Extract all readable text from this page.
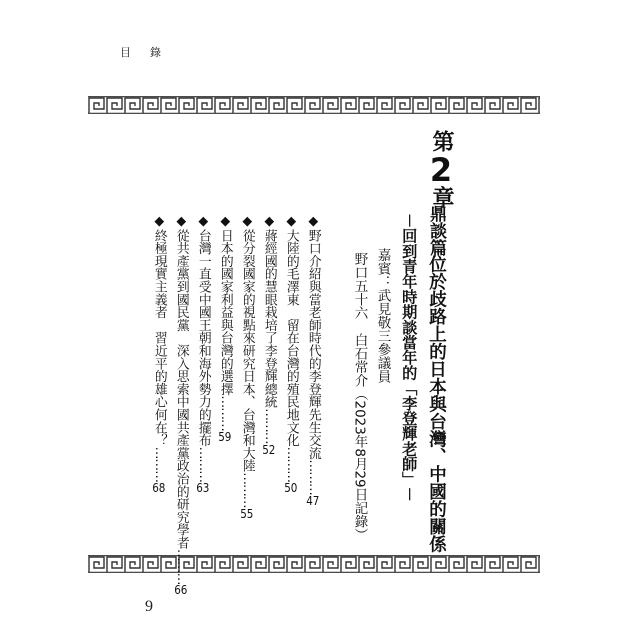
目　錄
第2章
鼎談篇
位於歧路上的日本與台灣、中國的關係
－回到青年時期談當年的「李登輝老師」－
嘉賓：武見敬三參議員
野口五十六　白石常介（2023年8月29日記錄）
◆野口介紹與當老師時代的李登輝先生交流………47
◆大陸的毛澤東　留在台灣的殖民地文化………50
◆蔣經國的慧眼栽培了李登輝總統………52
◆從分裂國家的視點來研究日本、台灣和大陸………55
◆日本的國家利益與台灣的選擇………59
◆台灣一直受中國王朝和海外勢力的擺布………63
◆從共產黨到國民黨　深入思索中國共產黨政治的研究學者………66
◆終極現實主義者　習近平的雄心何在？………68
9
